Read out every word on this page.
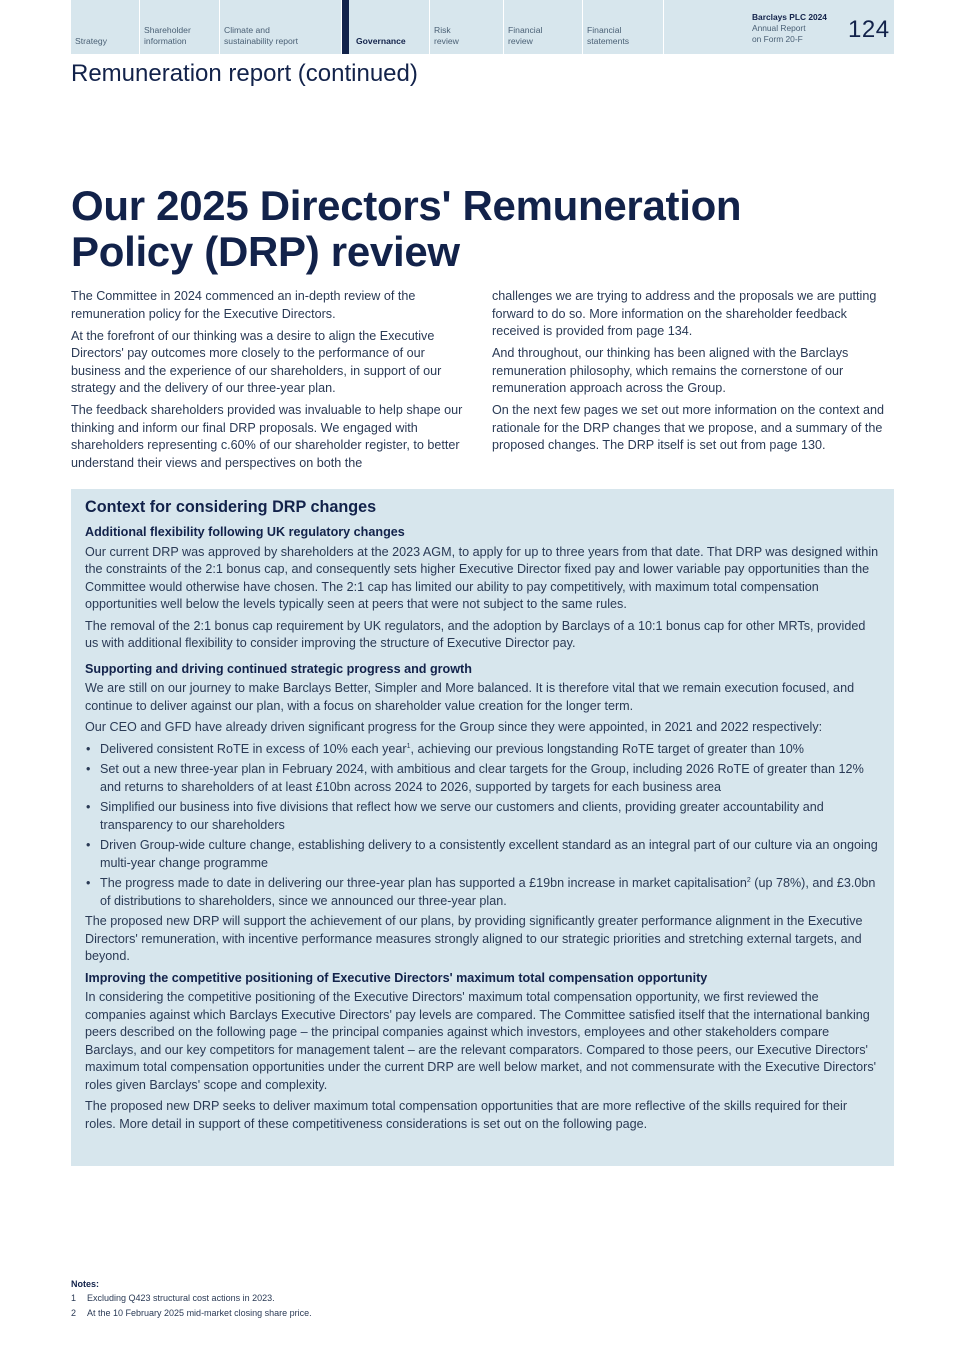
Strategy
Shareholder
information
Climate and
sustainability report	Governance
Risk
review
Financial
review
Financial
statements
Barclays PLC 2024
Annual Report
on Form 20-F	124
Remuneration report (continued)
Our 2025 Directors' Remuneration Policy (DRP) review

The Committee in 2024 commenced an in-depth review of the remuneration policy for the Executive Directors.

At the forefront of our thinking was a desire to align the Executive Directors' pay outcomes more closely to the performance of our business and the experience of our shareholders, in support of our strategy and the delivery of our three-year plan.

The feedback shareholders provided was invaluable to help shape our thinking and inform our final DRP proposals. We engaged with shareholders representing c.60% of our shareholder register, to better understand their views and perspectives on both the

challenges we are trying to address and the proposals we are putting forward to do so. More information on the shareholder feedback received is provided from page 134.

And throughout, our thinking has been aligned with the Barclays remuneration philosophy, which remains the cornerstone of our remuneration approach across the Group.

On the next few pages we set out more information on the context and rationale for the DRP changes that we propose, and a summary of the proposed changes. The DRP itself is set out from page 130.

Context for considering DRP changes
Additional flexibility following UK regulatory changes

Our current DRP was approved by shareholders at the 2023 AGM, to apply for up to three years from that date. That DRP was designed within the constraints of the 2:1 bonus cap, and consequently sets higher Executive Director fixed pay and lower variable pay opportunities than the Committee would otherwise have chosen. The 2:1 cap has limited our ability to pay competitively, with maximum total compensation opportunities well below the levels typically seen at peers that were not subject to the same rules.

The removal of the 2:1 bonus cap requirement by UK regulators, and the adoption by Barclays of a 10:1 bonus cap for other MRTs, provided us with additional flexibility to consider improving the structure of Executive Director pay.

Supporting and driving continued strategic progress and growth

We are still on our journey to make Barclays Better, Simpler and More balanced. It is therefore vital that we remain execution focused, and continue to deliver against our plan, with a focus on shareholder value creation for the longer term.

Our CEO and GFD have already driven significant progress for the Group since they were appointed, in 2021 and 2022 respectively:

• Delivered consistent RoTE in excess of 10% each year$^1$, achieving our previous longstanding RoTE target of greater than 10%
• Set out a new three-year plan in February 2024, with ambitious and clear targets for the Group, including 2026 RoTE of greater than 12% and returns to shareholders of at least £10bn across 2024 to 2026, supported by targets for each business area
• Simplified our business into five divisions that reflect how we serve our customers and clients, providing greater accountability and transparency to our shareholders
• Driven Group-wide culture change, establishing delivery to a consistently excellent standard as an integral part of our culture via an ongoing multi-year change programme
• The progress made to date in delivering our three-year plan has supported a £19bn increase in market capitalisation$^2$ (up 78%), and £3.0bn of distributions to shareholders, since we announced our three-year plan.

The proposed new DRP will support the achievement of our plans, by providing significantly greater performance alignment in the Executive Directors' remuneration, with incentive performance measures strongly aligned to our strategic priorities and stretching external targets, and beyond.

Improving the competitive positioning of Executive Directors' maximum total compensation opportunity

In considering the competitive positioning of the Executive Directors' maximum total compensation opportunity, we first reviewed the companies against which Barclays Executive Directors' pay levels are compared. The Committee satisfied itself that the international banking peers described on the following page – the principal companies against which investors, employees and other stakeholders compare Barclays, and our key competitors for management talent – are the relevant comparators. Compared to those peers, our Executive Directors' maximum total compensation opportunities under the current DRP are well below market, and not commensurate with the Executive Directors' roles given Barclays' scope and complexity.

The proposed new DRP seeks to deliver maximum total compensation opportunities that are more reflective of the skills required for their roles. More detail in support of these competitiveness considerations is set out on the following page.

Notes:
1	Excluding Q423 structural cost actions in 2023.
2	At the 10 February 2025 mid-market closing share price.
